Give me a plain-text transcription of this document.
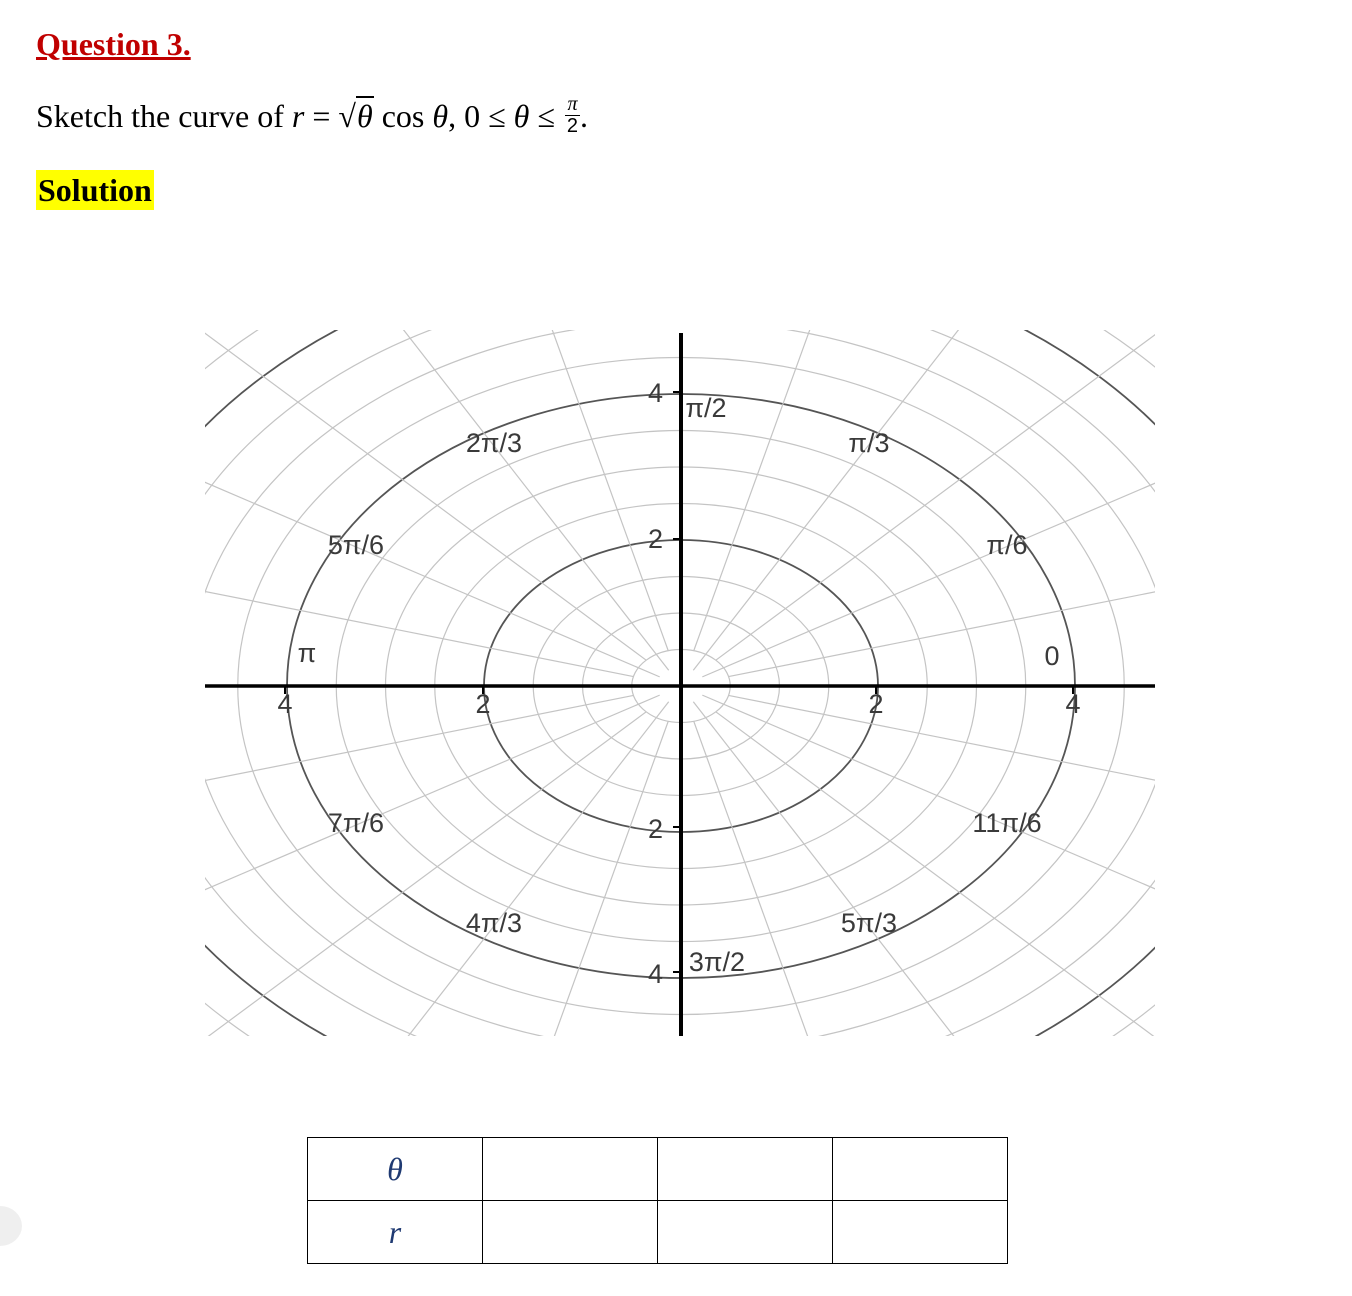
Question 3.
Sketch the curve of r = √θ cos θ, $0 \le \theta \le \frac{\pi}{2}$ .
Solution
4
2
2
4
4	2	2	4
0
π/6
π/3
π/2
2π/3
5π/6
π
7π/6
4π/3
3π/2
5π/3
11π/6
θ			
r			
